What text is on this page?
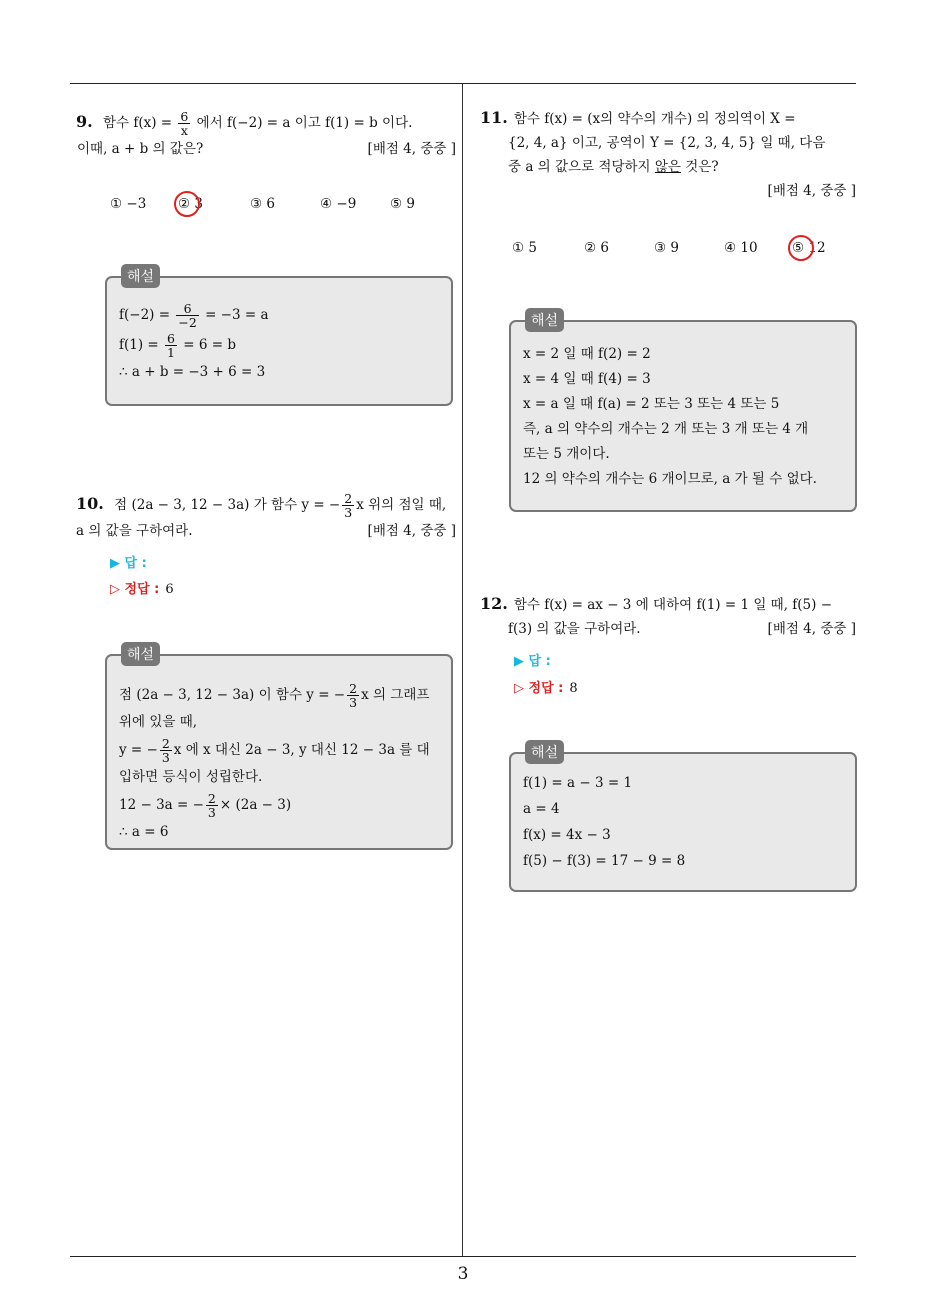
3
9. 함수 $f(x) = \frac{6}{x}$ 에서 f(−2) = a 이고 f(1) = b 이다.
이때, a + b 의 값은?	[배점 4, 중중 ]
① −3 ② 3	③ 6	④ −9 ⑤ 9
해설
$f(-2) = \frac{6}{-2} = -3 = a$
$f(1) = \frac{6}{1} = 6 = b$
∴ a + b = −3 + 6 = 3
10. 점 (2a − 3, 12 − 3a) 가 함수 y = − $\frac{2}{3}$ x 위의 점일 때,
a 의 값을 구하여라.	[배점 4, 중중 ]
▶ 답 :
▷ 정답 : 6
해설
점 (2a − 3, 12 − 3a) 이 함수 y = − $\frac{2}{3}$ x 의 그래프
위에 있을 때,
y = − $\frac{2}{3}$ x 에 x 대신 2a − 3, y 대신 12 − 3a 를 대
입하면 등식이 성립한다.
12 − 3a = − $\frac{2}{3} \times (2a - 3)$
∴ a = 6
11. 함수 f(x) = (x의 약수의 개수) 의 정의역이 X =
{2, 4, a} 이고, 공역이 Y = {2, 3, 4, 5} 일 때, 다음
중 a 의 값으로 적당하지 않은 것은?
[배점 4, 중중 ]
① 5	② 6	③ 9	④ 10	⑤ 12
해설
x = 2 일 때 f(2) = 2
x = 4 일 때 f(4) = 3
x = a 일 때 f(a) = 2 또는 3 또는 4 또는 5
즉, a 의 약수의 개수는 2 개 또는 3 개 또는 4 개
또는 5 개이다.
12 의 약수의 개수는 6 개이므로, a 가 될 수 없다.
12. 함수 f(x) = ax − 3 에 대하여 f(1) = 1 일 때, f(5) −
f(3) 의 값을 구하여라.	[배점 4, 중중 ]
▶ 답 :
▷ 정답 : 8
해설
f(1) = a − 3 = 1
a = 4
f(x) = 4x − 3
f(5) − f(3) = 17 − 9 = 8
